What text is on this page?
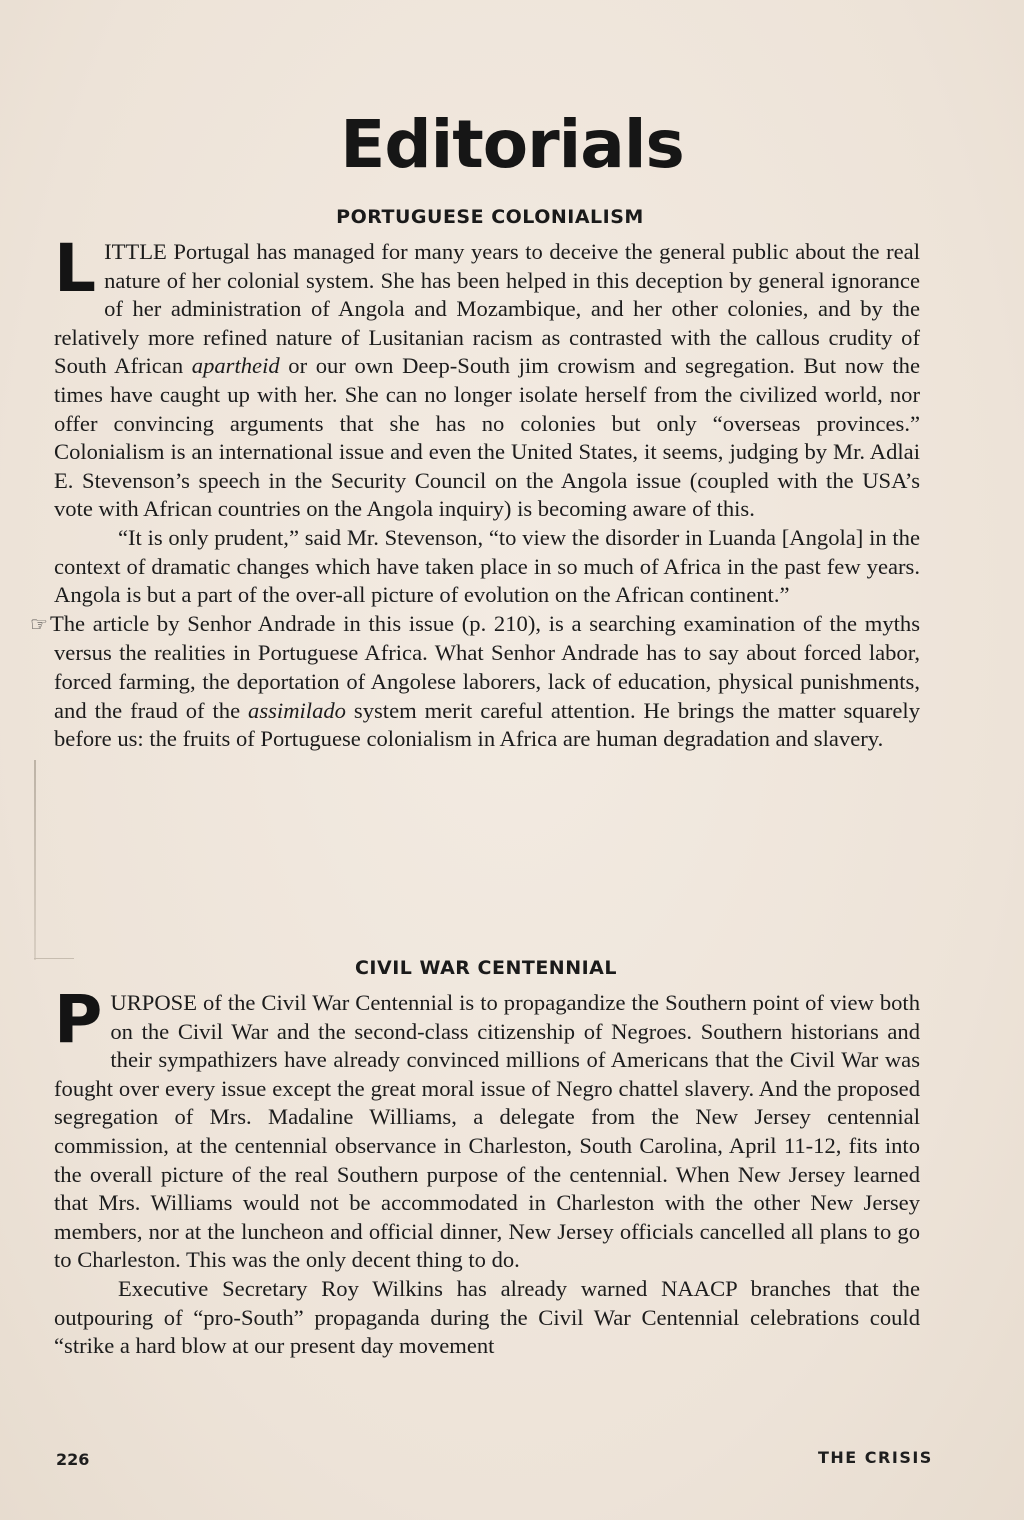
Editorials
PORTUGUESE COLONIALISM

LITTLE Portugal has managed for many years to deceive the general public about the real nature of her colonial system. She has been helped in this deception by general ignorance of her administration of Angola and Mozambique, and her other colonies, and by the relatively more refined nature of Lusitanian racism as contrasted with the callous crudity of South African apartheid or our own Deep-South jim crowism and segregation. But now the times have caught up with her. She can no longer isolate herself from the civilized world, nor offer convincing arguments that she has no colonies but only “overseas provinces.” Colonialism is an international issue and even the United States, it seems, judging by Mr. Adlai E. Stevenson’s speech in the Security Council on the Angola issue (coupled with the USA’s vote with African countries on the Angola inquiry) is becoming aware of this.

“It is only prudent,” said Mr. Stevenson, “to view the disorder in Luanda [Angola] in the context of dramatic changes which have taken place in so much of Africa in the past few years. Angola is but a part of the over-all picture of evolution on the African continent.”

☞The article by Senhor Andrade in this issue (p. 210), is a searching examination of the myths versus the realities in Portuguese Africa. What Senhor Andrade has to say about forced labor, forced farming, the deportation of Angolese laborers, lack of education, physical punishments, and the fraud of the assimilado system merit careful attention. He brings the matter squarely before us: the fruits of Portuguese colonialism in Africa are human degradation and slavery.

CIVIL WAR CENTENNIAL

PURPOSE of the Civil War Centennial is to propagandize the Southern point of view both on the Civil War and the second-class citizenship of Negroes. Southern historians and their sympathizers have already convinced millions of Americans that the Civil War was fought over every issue except the great moral issue of Negro chattel slavery. And the proposed segregation of Mrs. Madaline Williams, a delegate from the New Jersey centennial commission, at the centennial observance in Charleston, South Carolina, April 11-12, fits into the overall picture of the real Southern purpose of the centennial. When New Jersey learned that Mrs. Williams would not be accommodated in Charleston with the other New Jersey members, nor at the luncheon and official dinner, New Jersey officials cancelled all plans to go to Charleston. This was the only decent thing to do.

Executive Secretary Roy Wilkins has already warned NAACP branches that the outpouring of “pro-South” propaganda during the Civil War Centennial celebrations could “strike a hard blow at our present day movement

226	THE CRISIS
